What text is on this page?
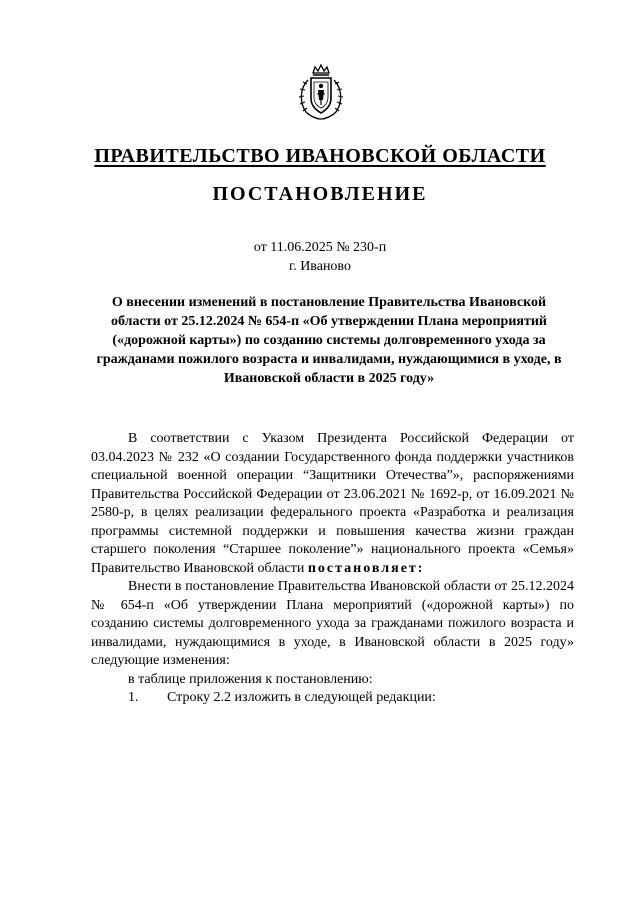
ПРАВИТЕЛЬСТВО ИВАНОВСКОЙ ОБЛАСТИ
ПОСТАНОВЛЕНИЕ
от 11.06.2025 № 230-п
г. Иваново
О внесении изменений в постановление Правительства Ивановской области от 25.12.2024 № 654-п «Об утверждении Плана мероприятий («дорожной карты») по созданию системы долговременного ухода за гражданами пожилого возраста и инвалидами, нуждающимися в уходе, в Ивановской области в 2025 году»

В соответствии с Указом Президента Российской Федерации от 03.04.2023 № 232 «О создании Государственного фонда поддержки участников специальной военной операции “Защитники Отечества”», распоряжениями Правительства Российской Федерации от 23.06.2021 № 1692-р, от 16.09.2021 № 2580-р, в целях реализации федерального проекта «Разработка и реализация программы системной поддержки и повышения качества жизни граждан старшего поколения “Старшее поколение”» национального проекта «Семья» Правительство Ивановской области постановляет:

Внести в постановление Правительства Ивановской области от 25.12.2024 № 654-п «Об утверждении Плана мероприятий («дорожной карты») по созданию системы долговременного ухода за гражданами пожилого возраста и инвалидами, нуждающимися в уходе, в Ивановской области в 2025 году» следующие изменения:

в таблице приложения к постановлению:

1.	Строку 2.2 изложить в следующей редакции:
